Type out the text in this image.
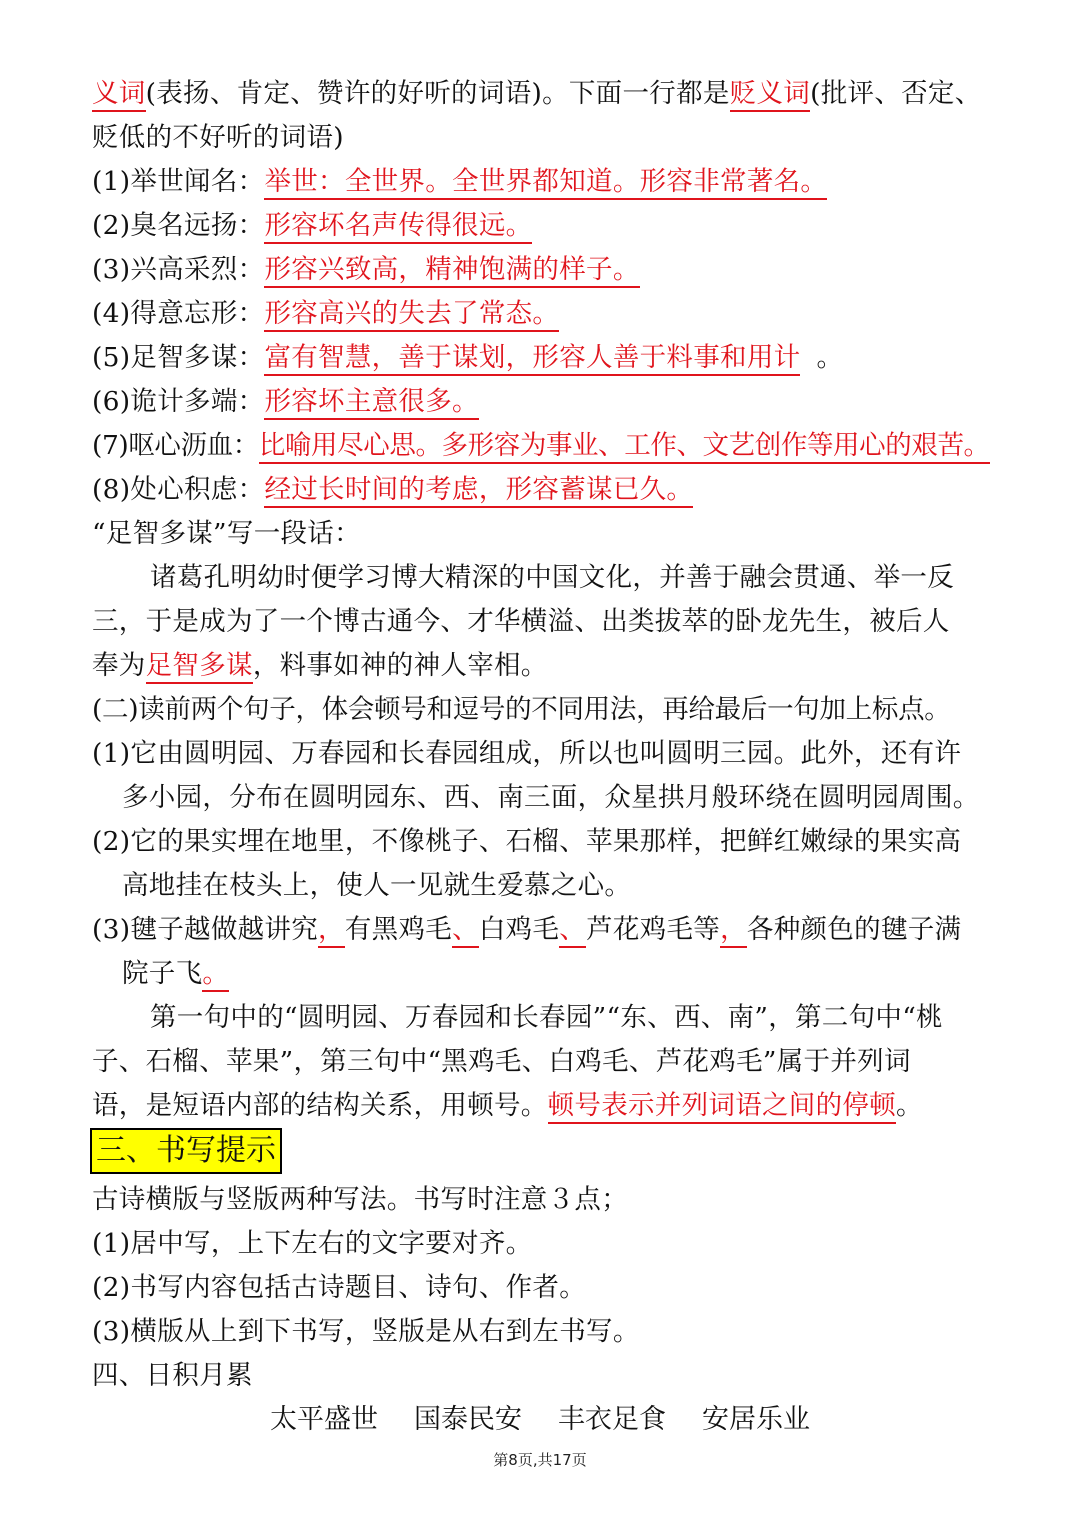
义词(表扬、肯定、赞许的好听的词语)。下面一行都是贬义词(批评、否定、
贬低的不好听的词语)
(1)举世闻名：举世：全世界。全世界都知道。形容非常著名。
(2)臭名远扬：形容坏名声传得很远。
(3)兴高采烈：形容兴致高，精神饱满的样子。
(4)得意忘形：形容高兴的失去了常态。
(5)足智多谋：富有智慧，善于谋划，形容人善于料事和用计 。
(6)诡计多端：形容坏主意很多。
(7)呕心沥血：比喻用尽心思。多形容为事业、工作、文艺创作等用心的艰苦。
(8)处心积虑：经过长时间的考虑，形容蓄谋已久。
“足智多谋”写一段话：
诸葛孔明幼时便学习博大精深的中国文化，并善于融会贯通、举一反
三，于是成为了一个博古通今、才华横溢、出类拔萃的卧龙先生，被后人
奉为足智多谋，料事如神的神人宰相。
(二)读前两个句子，体会顿号和逗号的不同用法，再给最后一句加上标点。
(1)它由圆明园、万春园和长春园组成，所以也叫圆明三园。此外，还有许
多小园，分布在圆明园东、西、南三面，众星拱月般环绕在圆明园周围。
(2)它的果实埋在地里，不像桃子、石榴、苹果那样，把鲜红嫩绿的果实高
高地挂在枝头上，使人一见就生爱慕之心。
(3)毽子越做越讲究，有黑鸡毛、白鸡毛、芦花鸡毛等，各种颜色的毽子满
院子飞。
第一句中的“圆明园、万春园和长春园”“东、西、南”，第二句中“桃
子、石榴、苹果”，第三句中“黑鸡毛、白鸡毛、芦花鸡毛”属于并列词
语，是短语内部的结构关系，用顿号。顿号表示并列词语之间的停顿。
三、书写提示
古诗横版与竖版两种写法。书写时注意３点；
(1)居中写，上下左右的文字要对齐。
(2)书写内容包括古诗题目、诗句、作者。
(3)横版从上到下书写，竖版是从右到左书写。
四、日积月累
太平盛世 国泰民安 丰衣足食 安居乐业
第8页,共17页
